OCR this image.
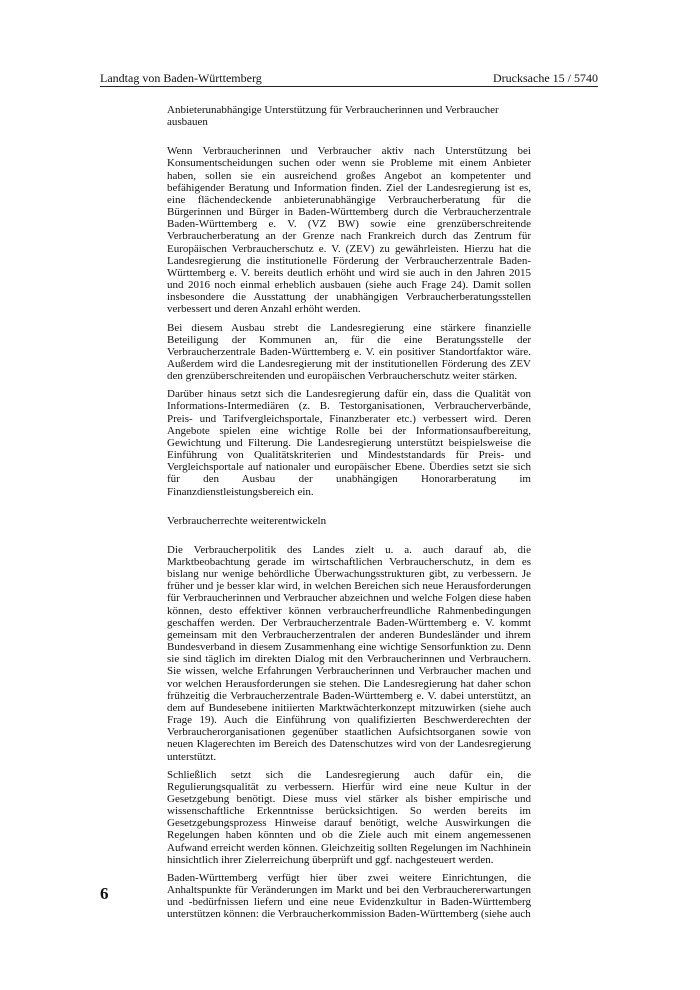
Landtag von Baden-Württemberg	Drucksache 15 / 5740
Anbieterunabhängige Unterstützung für Verbraucherinnen und Verbraucher ausbauen

Wenn Verbraucherinnen und Verbraucher aktiv nach Unterstützung bei Konsumentscheidungen suchen oder wenn sie Probleme mit einem Anbieter haben, sollen sie ein ausreichend großes Angebot an kompetenter und befähigender Beratung und Information finden. Ziel der Landesregierung ist es, eine flächendeckende anbieterunabhängige Verbraucherberatung für die Bürgerinnen und Bürger in Baden-Württemberg durch die Verbraucherzentrale Baden-Württemberg e. V. (VZ BW) sowie eine grenzüberschreitende Verbraucherberatung an der Grenze nach Frankreich durch das Zentrum für Europäischen Verbraucherschutz e. V. (ZEV) zu gewährleisten. Hierzu hat die Landesregierung die institutionelle Förderung der Verbraucherzentrale Baden-Württemberg e. V. bereits deutlich erhöht und wird sie auch in den Jahren 2015 und 2016 noch einmal erheblich ausbauen (siehe auch Frage 24). Damit sollen insbesondere die Ausstattung der unabhängigen Verbraucherberatungsstellen verbessert und deren Anzahl erhöht werden.

Bei diesem Ausbau strebt die Landesregierung eine stärkere finanzielle Beteiligung der Kommunen an, für die eine Beratungsstelle der Verbraucherzentrale Baden-Württemberg e. V. ein positiver Standortfaktor wäre. Außerdem wird die Landesregierung mit der institutionellen Förderung des ZEV den grenzüberschreitenden und europäischen Verbraucherschutz weiter stärken.

Darüber hinaus setzt sich die Landesregierung dafür ein, dass die Qualität von Informations-Intermediären (z. B. Testorganisationen, Verbraucherverbände, Preis- und Tarifvergleichsportale, Finanzberater etc.) verbessert wird. Deren Angebote spielen eine wichtige Rolle bei der Informationsaufbereitung, Gewichtung und Filterung. Die Landesregierung unterstützt beispielsweise die Einführung von Qualitätskriterien und Mindeststandards für Preis- und Vergleichsportale auf nationaler und europäischer Ebene. Überdies setzt sie sich für den Ausbau der unabhängigen Honorarberatung im Finanzdienstleistungsbereich ein.

Verbraucherrechte weiterentwickeln

Die Verbraucherpolitik des Landes zielt u. a. auch darauf ab, die Marktbeobachtung gerade im wirtschaftlichen Verbraucherschutz, in dem es bislang nur wenige behördliche Überwachungsstrukturen gibt, zu verbessern. Je früher und je besser klar wird, in welchen Bereichen sich neue Herausforderungen für Verbraucherinnen und Verbraucher abzeichnen und welche Folgen diese haben können, desto effektiver können verbraucherfreundliche Rahmenbedingungen geschaffen werden. Der Verbraucherzentrale Baden-Württemberg e. V. kommt gemeinsam mit den Verbraucherzentralen der anderen Bundesländer und ihrem Bundesverband in diesem Zusammenhang eine wichtige Sensorfunktion zu. Denn sie sind täglich im direkten Dialog mit den Verbraucherinnen und Verbrauchern. Sie wissen, welche Erfahrungen Verbraucherinnen und Verbraucher machen und vor welchen Herausforderungen sie stehen. Die Landesregierung hat daher schon frühzeitig die Verbraucherzentrale Baden-Württemberg e. V. dabei unterstützt, an dem auf Bundesebene initiierten Marktwächterkonzept mitzuwirken (siehe auch Frage 19). Auch die Einführung von qualifizierten Beschwerderechten der Verbraucherorganisationen gegenüber staatlichen Aufsichtsorganen sowie von neuen Klagerechten im Bereich des Datenschutzes wird von der Landesregierung unterstützt.

Schließlich setzt sich die Landesregierung auch dafür ein, die Regulierungsqualität zu verbessern. Hierfür wird eine neue Kultur in der Gesetzgebung benötigt. Diese muss viel stärker als bisher empirische und wissenschaftliche Erkenntnisse berücksichtigen. So werden bereits im Gesetzgebungsprozess Hinweise darauf benötigt, welche Auswirkungen die Regelungen haben könnten und ob die Ziele auch mit einem angemessenen Aufwand erreicht werden können. Gleichzeitig sollten Regelungen im Nachhinein hinsichtlich ihrer Zielerreichung überprüft und ggf. nachgesteuert werden.

Baden-Württemberg verfügt hier über zwei weitere Einrichtungen, die Anhaltspunkte für Veränderungen im Markt und bei den Verbrauchererwartungen und -bedürfnissen liefern und eine neue Evidenzkultur in Baden-Württemberg unterstützen können: die Verbraucherkommission Baden-Württemberg (siehe auch

6
